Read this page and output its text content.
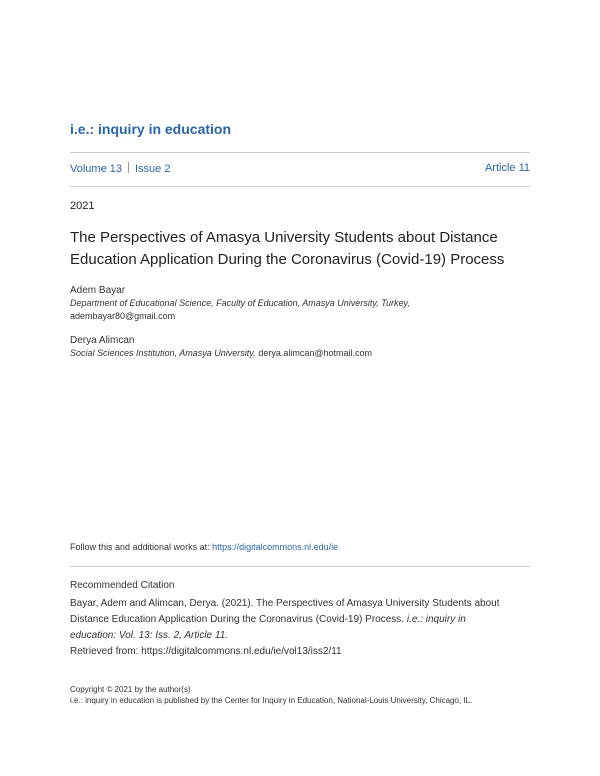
i.e.: inquiry in education
Volume 13 Issue 2	Article 11
2021
The Perspectives of Amasya University Students about Distance
Education Application During the Coronavirus (Covid-19) Process
Adem Bayar
Department of Educational Science, Faculty of Education, Amasya University, Turkey,
adembayar80@gmail.com
Derya Alimcan
Social Sciences Institution, Amasya University, derya.alimcan@hotmail.com
Follow this and additional works at: https://digitalcommons.nl.edu/ie
Recommended Citation
Bayar, Adem and Alimcan, Derya. (2021). The Perspectives of Amasya University Students about
Distance Education Application During the Coronavirus (Covid-19) Process. i.e.: inquiry in
education: Vol. 13: Iss. 2, Article 11.
Retrieved from: https://digitalcommons.nl.edu/ie/vol13/iss2/11
Copyright © 2021 by the author(s)
i.e.: inquiry in education is published by the Center for Inquiry in Education, National-Louis University, Chicago, IL.
